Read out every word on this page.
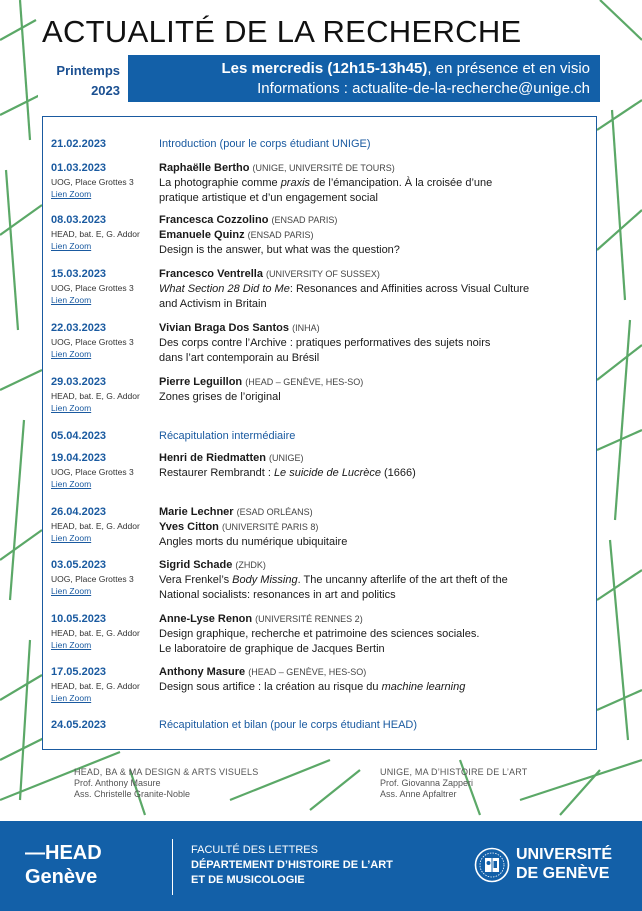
ACTUALITÉ DE LA RECHERCHE
Printemps
2023
Les mercredis (12h15-13h45), en présence et en visio
Informations : actualite-de-la-recherche@unige.ch
21.02.2023	Introduction (pour le corps étudiant UNIGE)
01.03.2023
UOG, Place Grottes 3
Lien Zoom
Raphaëlle Bertho (UNIGE, UNIVERSITÉ DE TOURS)
La photographie comme praxis de l’émancipation. À la croisée d’une
pratique artistique et d’un engagement social
08.03.2023
HEAD, bat. E, G. Addor
Lien Zoom
Francesca Cozzolino (ENSAD PARIS)
Emanuele Quinz (ENSAD PARIS)
Design is the answer, but what was the question?
15.03.2023
UOG, Place Grottes 3
Lien Zoom
Francesco Ventrella (UNIVERSITY OF SUSSEX)
What Section 28 Did to Me: Resonances and Affinities across Visual Culture
and Activism in Britain
22.03.2023
UOG, Place Grottes 3
Lien Zoom
Vivian Braga Dos Santos (INHA)
Des corps contre l’Archive : pratiques performatives des sujets noirs
dans l’art contemporain au Brésil
29.03.2023
HEAD, bat. E, G. Addor
Lien Zoom
Pierre Leguillon (HEAD – GENÈVE, HES-SO)
Zones grises de l’original
05.04.2023	Récapitulation intermédiaire
19.04.2023
UOG, Place Grottes 3
Lien Zoom
Henri de Riedmatten (UNIGE)
Restaurer Rembrandt : Le suicide de Lucrèce (1666)
26.04.2023
HEAD, bat. E, G. Addor
Lien Zoom
Marie Lechner (ESAD ORLÉANS)
Yves Citton (UNIVERSITÉ PARIS 8)
Angles morts du numérique ubiquitaire
03.05.2023
UOG, Place Grottes 3
Lien Zoom
Sigrid Schade (ZHDK)
Vera Frenkel’s Body Missing. The uncanny afterlife of the art theft of the
National socialists: resonances in art and politics
10.05.2023
HEAD, bat. E, G. Addor
Lien Zoom
Anne-Lyse Renon (UNIVERSITÉ RENNES 2)
Design graphique, recherche et patrimoine des sciences sociales.
Le laboratoire de graphique de Jacques Bertin
17.05.2023
HEAD, bat. E, G. Addor
Lien Zoom
Anthony Masure (HEAD – GENÈVE, HES-SO)
Design sous artifice : la création au risque du machine learning
24.05.2023	Récapitulation et bilan (pour le corps étudiant HEAD)
HEAD, BA & MA DESIGN & ARTS VISUELS
Prof. Anthony Masure
Ass. Christelle Granite-Noble
UNIGE, MA D’HISTOIRE DE L’ART
Prof. Giovanna Zapperi
Ass. Anne Apfaltrer
—HEAD
Genève
FACULTÉ DES LETTRES
DÉPARTEMENT D’HISTOIRE DE L’ART
ET DE MUSICOLOGIE
UNIVERSITÉ
DE GENÈVE
